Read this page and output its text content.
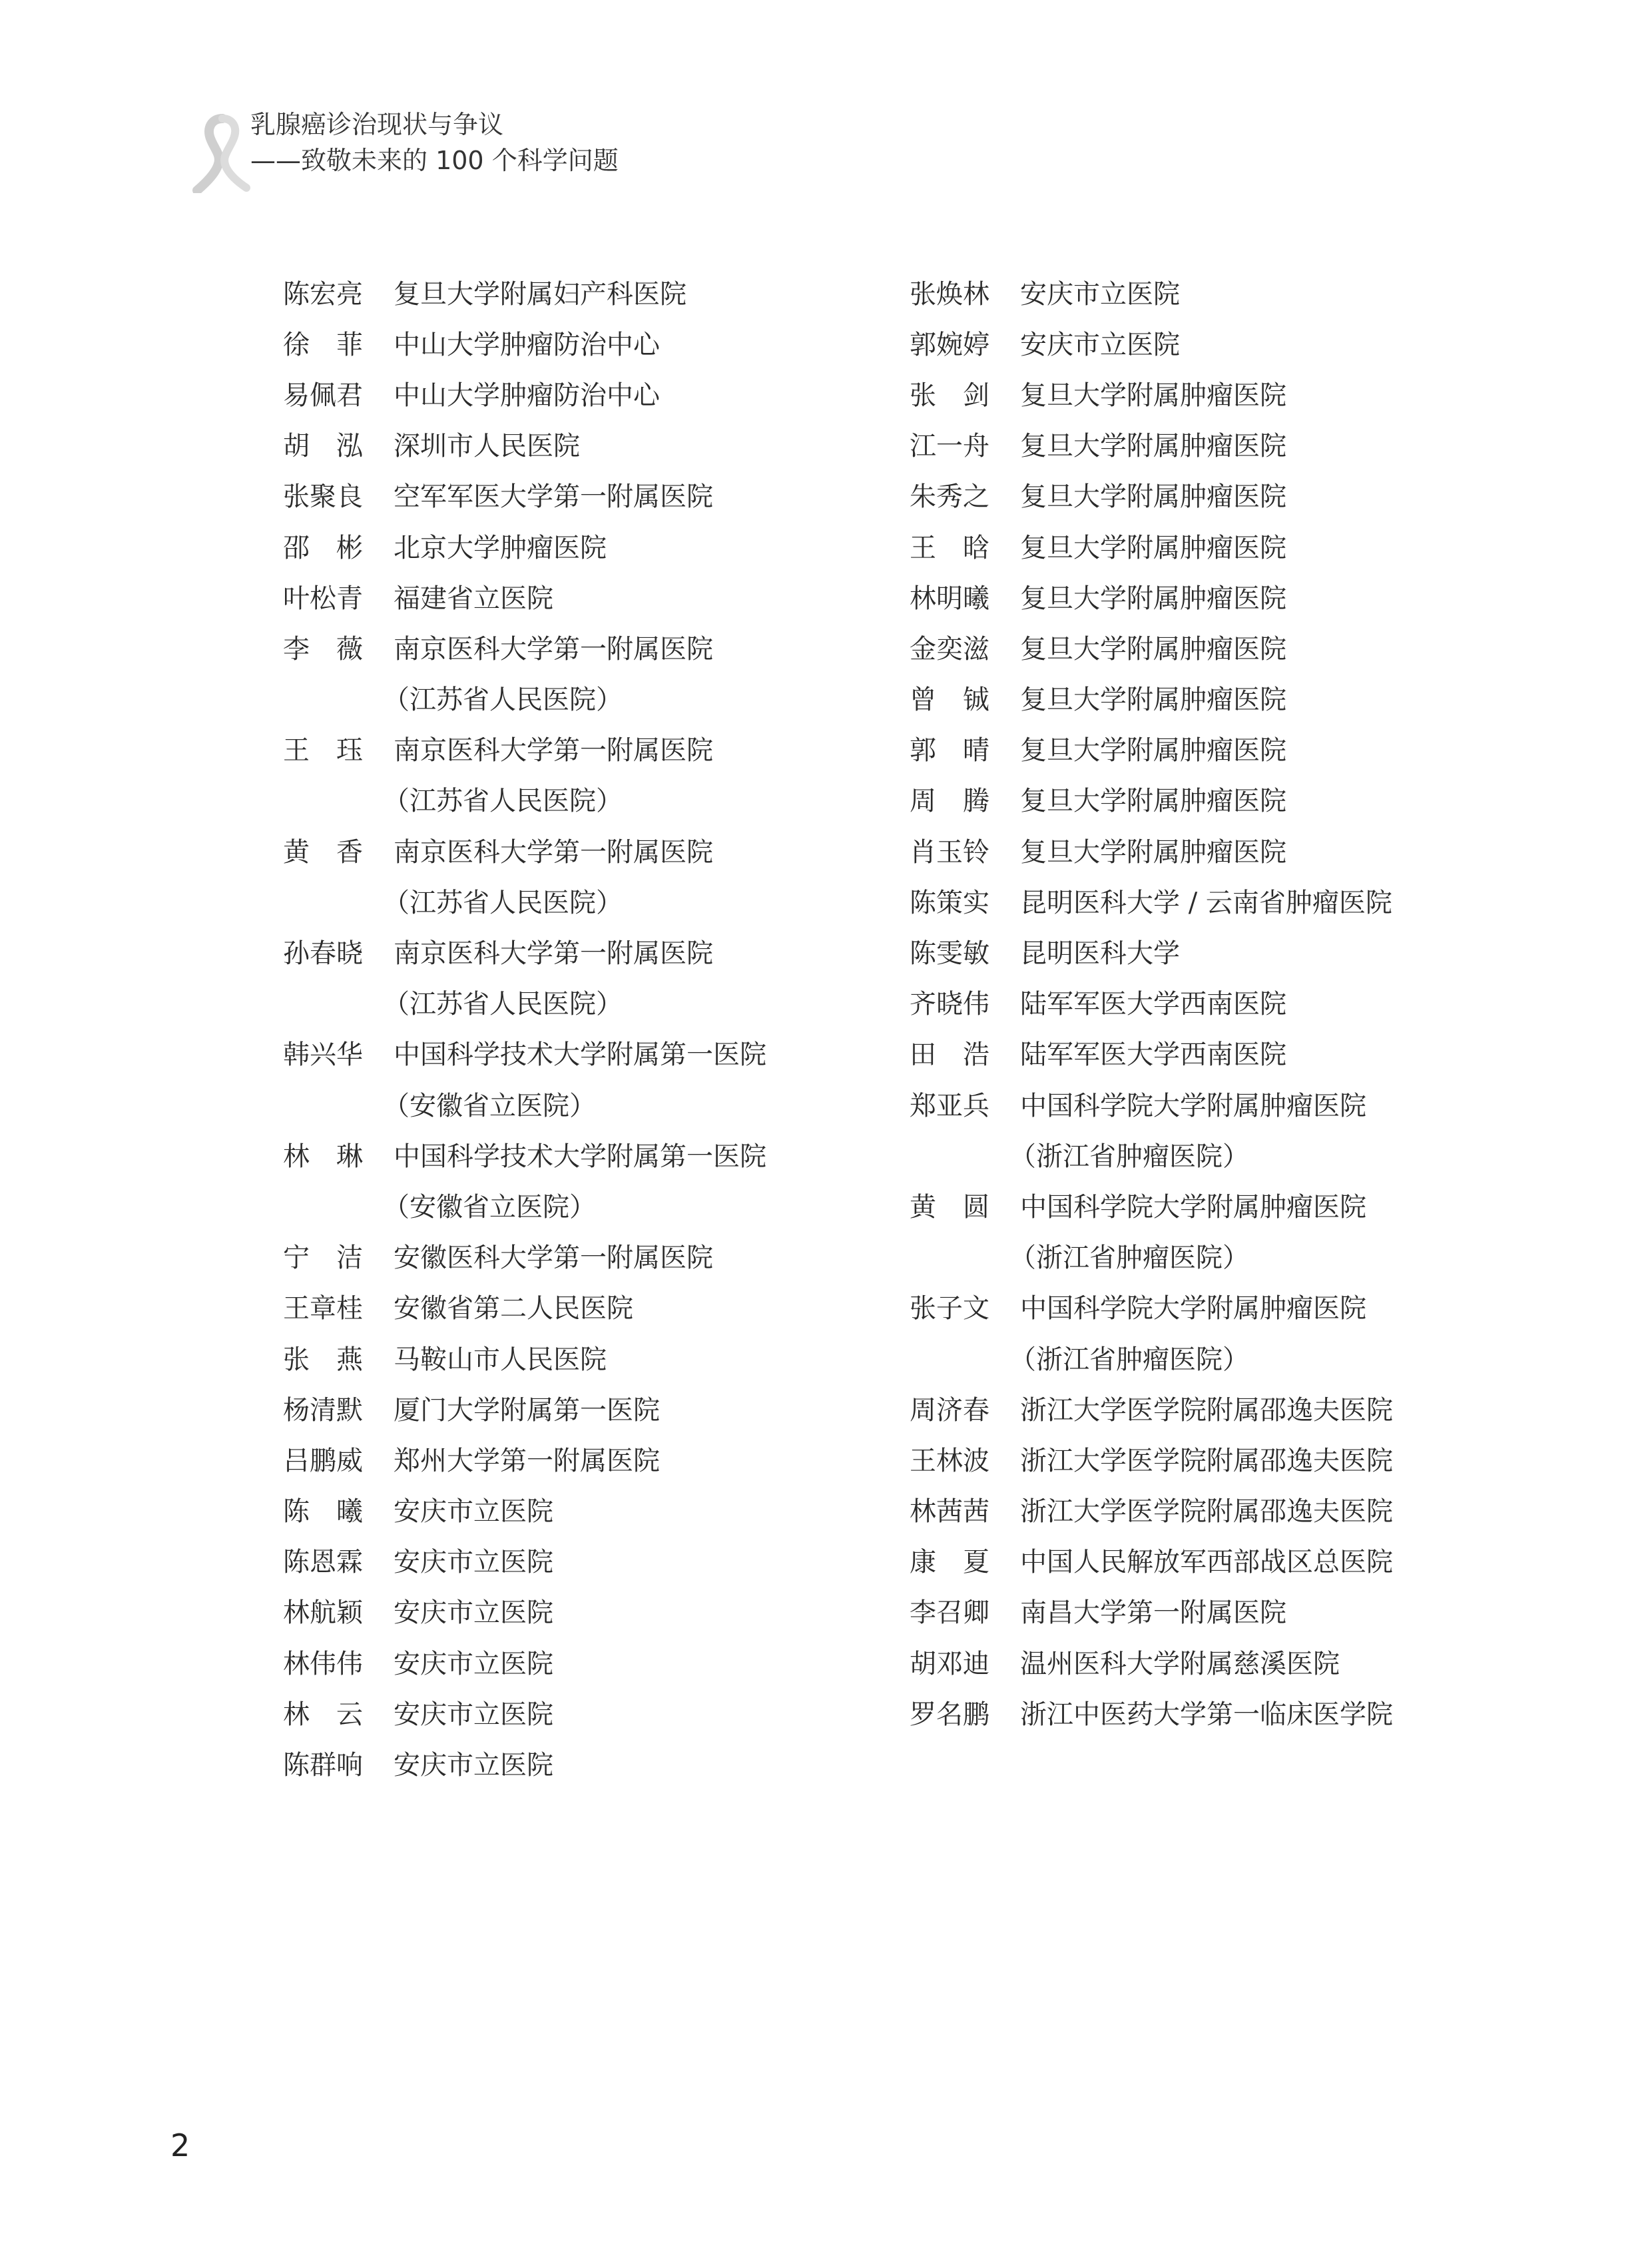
乳腺癌诊治现状与争议
——致敬未来的 100 个科学问题
陈宏亮	复旦大学附属妇产科医院
徐　菲	中山大学肿瘤防治中心
易佩君	中山大学肿瘤防治中心
胡　泓	深圳市人民医院
张聚良	空军军医大学第一附属医院
邵　彬	北京大学肿瘤医院
叶松青	福建省立医院
李　薇	南京医科大学第一附属医院
（江苏省人民医院）
王　珏	南京医科大学第一附属医院
（江苏省人民医院）
黄　香	南京医科大学第一附属医院
（江苏省人民医院）
孙春晓	南京医科大学第一附属医院
（江苏省人民医院）
韩兴华	中国科学技术大学附属第一医院
（安徽省立医院）
林　琳	中国科学技术大学附属第一医院
（安徽省立医院）
宁　洁	安徽医科大学第一附属医院
王章桂	安徽省第二人民医院
张　燕	马鞍山市人民医院
杨清默	厦门大学附属第一医院
吕鹏威	郑州大学第一附属医院
陈　曦	安庆市立医院
陈恩霖	安庆市立医院
林航颖	安庆市立医院
林伟伟	安庆市立医院
林　云	安庆市立医院
陈群响	安庆市立医院
张焕林	安庆市立医院
郭婉婷	安庆市立医院
张　剑	复旦大学附属肿瘤医院
江一舟	复旦大学附属肿瘤医院
朱秀之	复旦大学附属肿瘤医院
王　晗	复旦大学附属肿瘤医院
林明曦	复旦大学附属肿瘤医院
金奕滋	复旦大学附属肿瘤医院
曾　铖	复旦大学附属肿瘤医院
郭　晴	复旦大学附属肿瘤医院
周　腾	复旦大学附属肿瘤医院
肖玉铃	复旦大学附属肿瘤医院
陈策实	昆明医科大学 / 云南省肿瘤医院
陈雯敏	昆明医科大学
齐晓伟	陆军军医大学西南医院
田　浩	陆军军医大学西南医院
郑亚兵	中国科学院大学附属肿瘤医院
（浙江省肿瘤医院）
黄　圆	中国科学院大学附属肿瘤医院
（浙江省肿瘤医院）
张子文	中国科学院大学附属肿瘤医院
（浙江省肿瘤医院）
周济春	浙江大学医学院附属邵逸夫医院
王林波	浙江大学医学院附属邵逸夫医院
林茜茜	浙江大学医学院附属邵逸夫医院
康　夏	中国人民解放军西部战区总医院
李召卿	南昌大学第一附属医院
胡邓迪	温州医科大学附属慈溪医院
罗名鹏	浙江中医药大学第一临床医学院
2
